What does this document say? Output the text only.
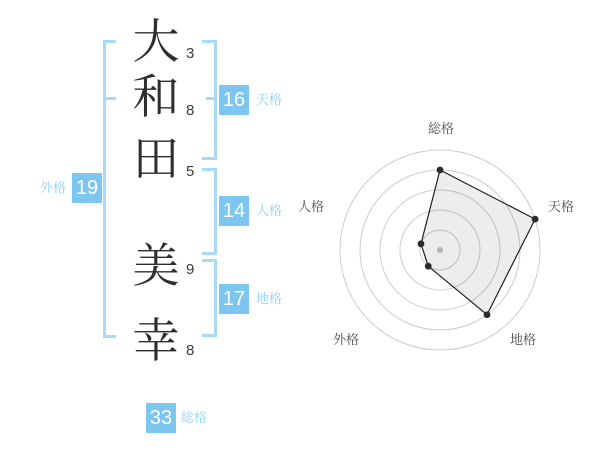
大
和
田
美
幸
3
8
5
9
8
16 天格
14 人格
17 地格
19
外格
33 総格
総格
天格
地格
外格
人格
